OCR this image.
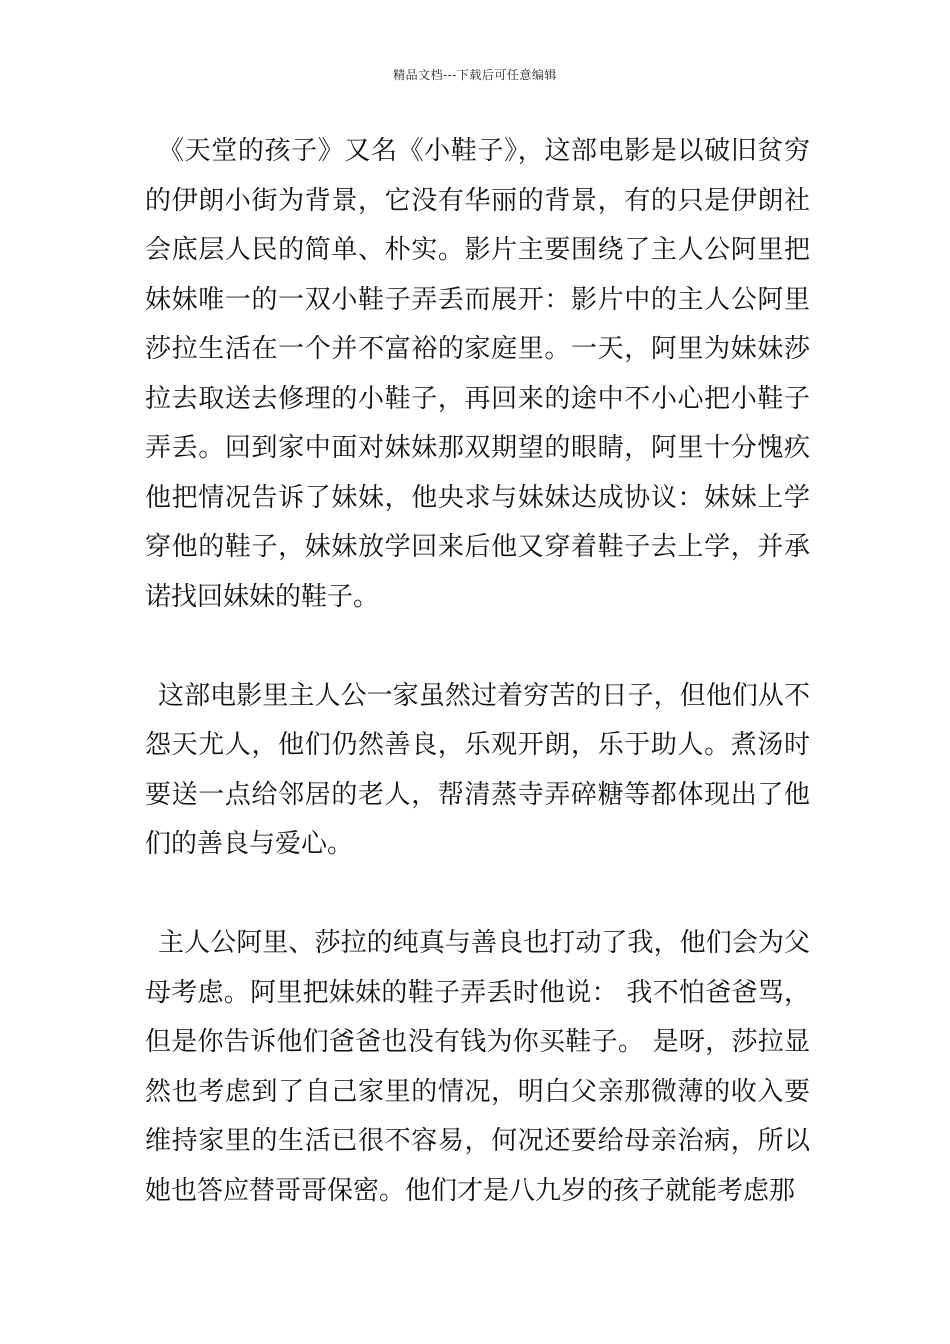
精品文档---下载后可任意编辑

《天堂的孩子》又名《小鞋子》，这部电影是以破旧贫穷的伊朗小街为背景，它没有华丽的背景，有的只是伊朗社会底层人民的简单、朴实。影片主要围绕了主人公阿里把妹妹唯一的一双小鞋子弄丢而展开：影片中的主人公阿里莎拉生活在一个并不富裕的家庭里。一天，阿里为妹妹莎拉去取送去修理的小鞋子，再回来的途中不小心把小鞋子弄丢。回到家中面对妹妹那双期望的眼睛，阿里十分愧疚他把情况告诉了妹妹，他央求与妹妹达成协议：妹妹上学穿他的鞋子，妹妹放学回来后他又穿着鞋子去上学，并承诺找回妹妹的鞋子。

这部电影里主人公一家虽然过着穷苦的日子，但他们从不怨天尤人，他们仍然善良，乐观开朗，乐于助人。煮汤时要送一点给邻居的老人，帮清蒸寺弄碎糖等都体现出了他们的善良与爱心。

主人公阿里、莎拉的纯真与善良也打动了我，他们会为父母考虑。阿里把妹妹的鞋子弄丢时他说： 我不怕爸爸骂，但是你告诉他们爸爸也没有钱为你买鞋子。 是呀，莎拉显然也考虑到了自己家里的情况，明白父亲那微薄的收入要维持家里的生活已很不容易，何况还要给母亲治病，所以她也答应替哥哥保密。他们才是八九岁的孩子就能考虑那
